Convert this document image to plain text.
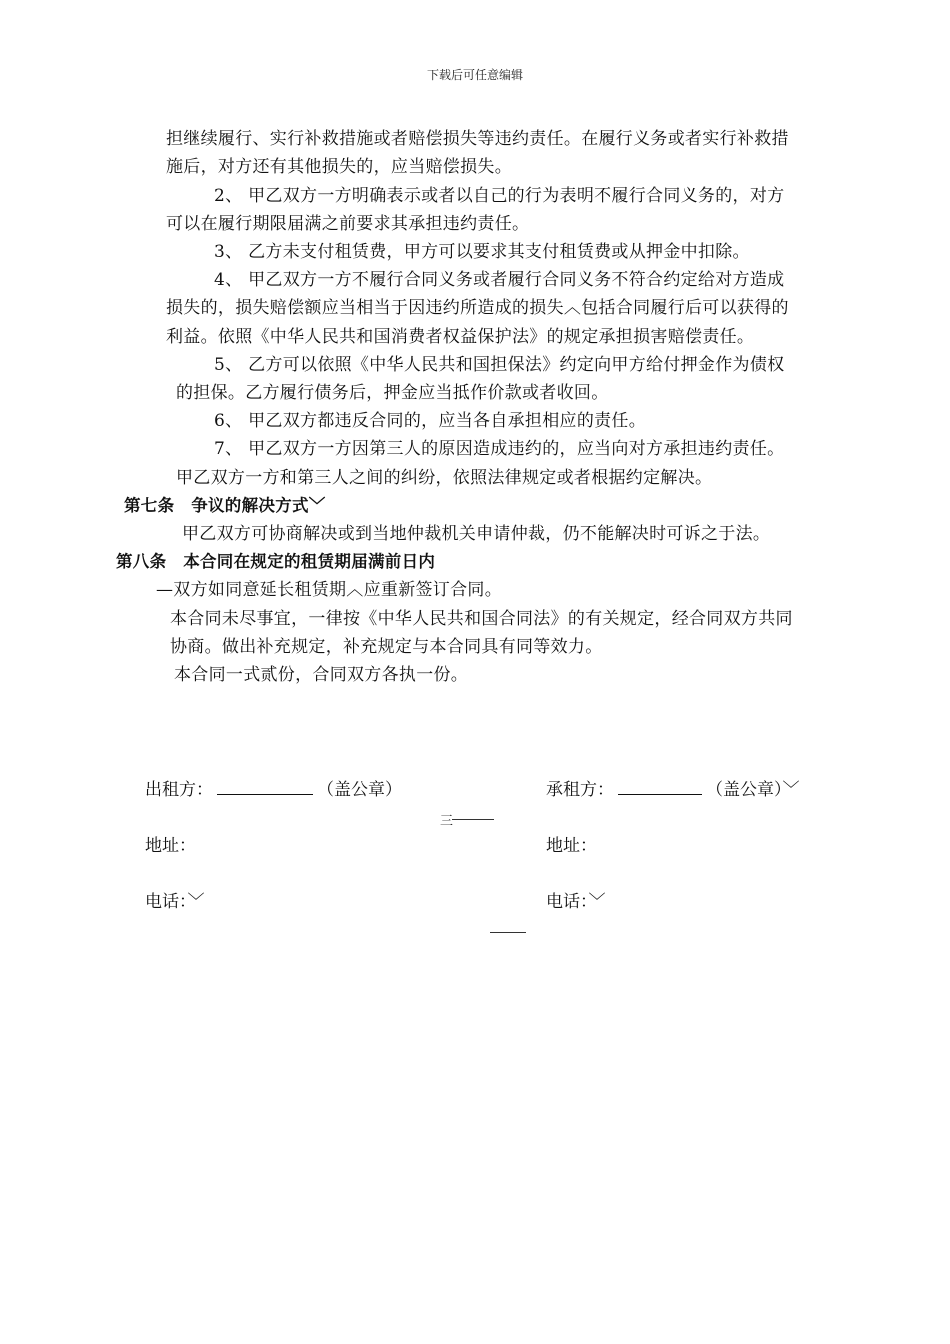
下载后可任意编辑
担继续履行、实行补救措施或者赔偿损失等违约责任。在履行义务或者实行补救措
施后，对方还有其他损失的，应当赔偿损失。
2、 甲乙双方一方明确表示或者以自己的行为表明不履行合同义务的，对方
可以在履行期限届满之前要求其承担违约责任。
3、 乙方未支付租赁费，甲方可以要求其支付租赁费或从押金中扣除。
4、 甲乙双方一方不履行合同义务或者履行合同义务不符合约定给对方造成
损失的，损失赔偿额应当相当于因违约所造成的损失︿包括合同履行后可以获得的
利益。依照《中华人民共和国消费者权益保护法》的规定承担损害赔偿责任。
5、 乙方可以依照《中华人民共和国担保法》约定向甲方给付押金作为债权
的担保。乙方履行债务后，押金应当抵作价款或者收回。
6、 甲乙双方都违反合同的，应当各自承担相应的责任。
7、 甲乙双方一方因第三人的原因造成违约的，应当向对方承担违约责任。
甲乙双方一方和第三人之间的纠纷，依照法律规定或者根据约定解决。
第七条　争议的解决方式﹀
甲乙双方可协商解决或到当地仲裁机关申请仲裁，仍不能解决时可诉之于法。
第八条　本合同在规定的租赁期届满前日内
—双方如同意延长租赁期︿应重新签订合同。
本合同未尽事宜，一律按《中华人民共和国合同法》的有关规定，经合同双方共同
协商。做出补充规定，补充规定与本合同具有同等效力。
本合同一式贰份，合同双方各执一份。
出租方：	（盖公章）	承租方：	（盖公章）﹀
三
地址：	地址：
电话：﹀	电话：﹀
